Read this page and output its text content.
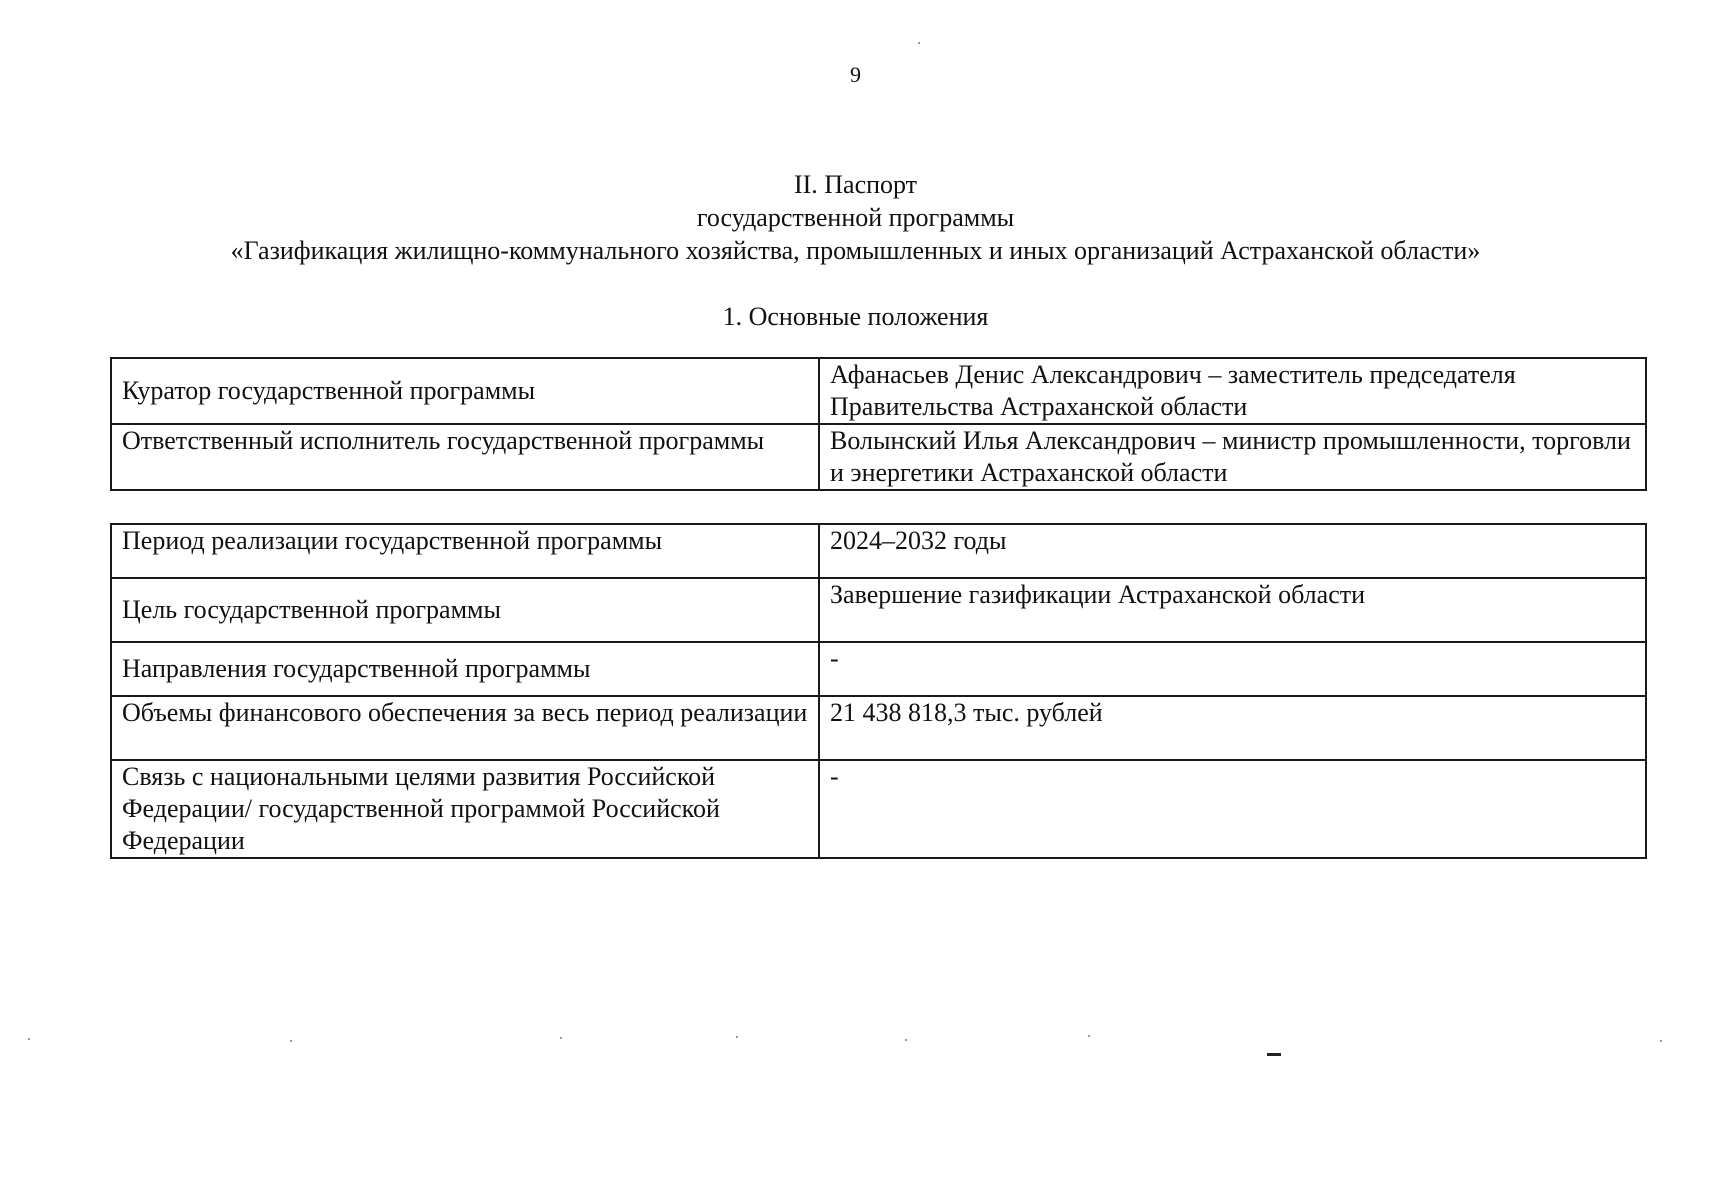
9
II. Паспорт
государственной программы
«Газификация жилищно-коммунального хозяйства, промышленных и иных организаций Астраханской области»
1. Основные положения
Куратор государственной программы	Афанасьев Денис Александрович – заместитель председателя Правительства Астраханской области
Ответственный исполнитель государственной программы	Волынский Илья Александрович – министр промышленности, торговли и энергетики Астраханской области
Период реализации государственной программы	2024–2032 годы
Цель государственной программы	Завершение газификации Астраханской области
Направления государственной программы	-
Объемы финансового обеспечения за весь период реализации	21 438 818,3 тыс. рублей
Связь с национальными целями развития Российской Федерации/ государственной программой Российской Федерации	-
